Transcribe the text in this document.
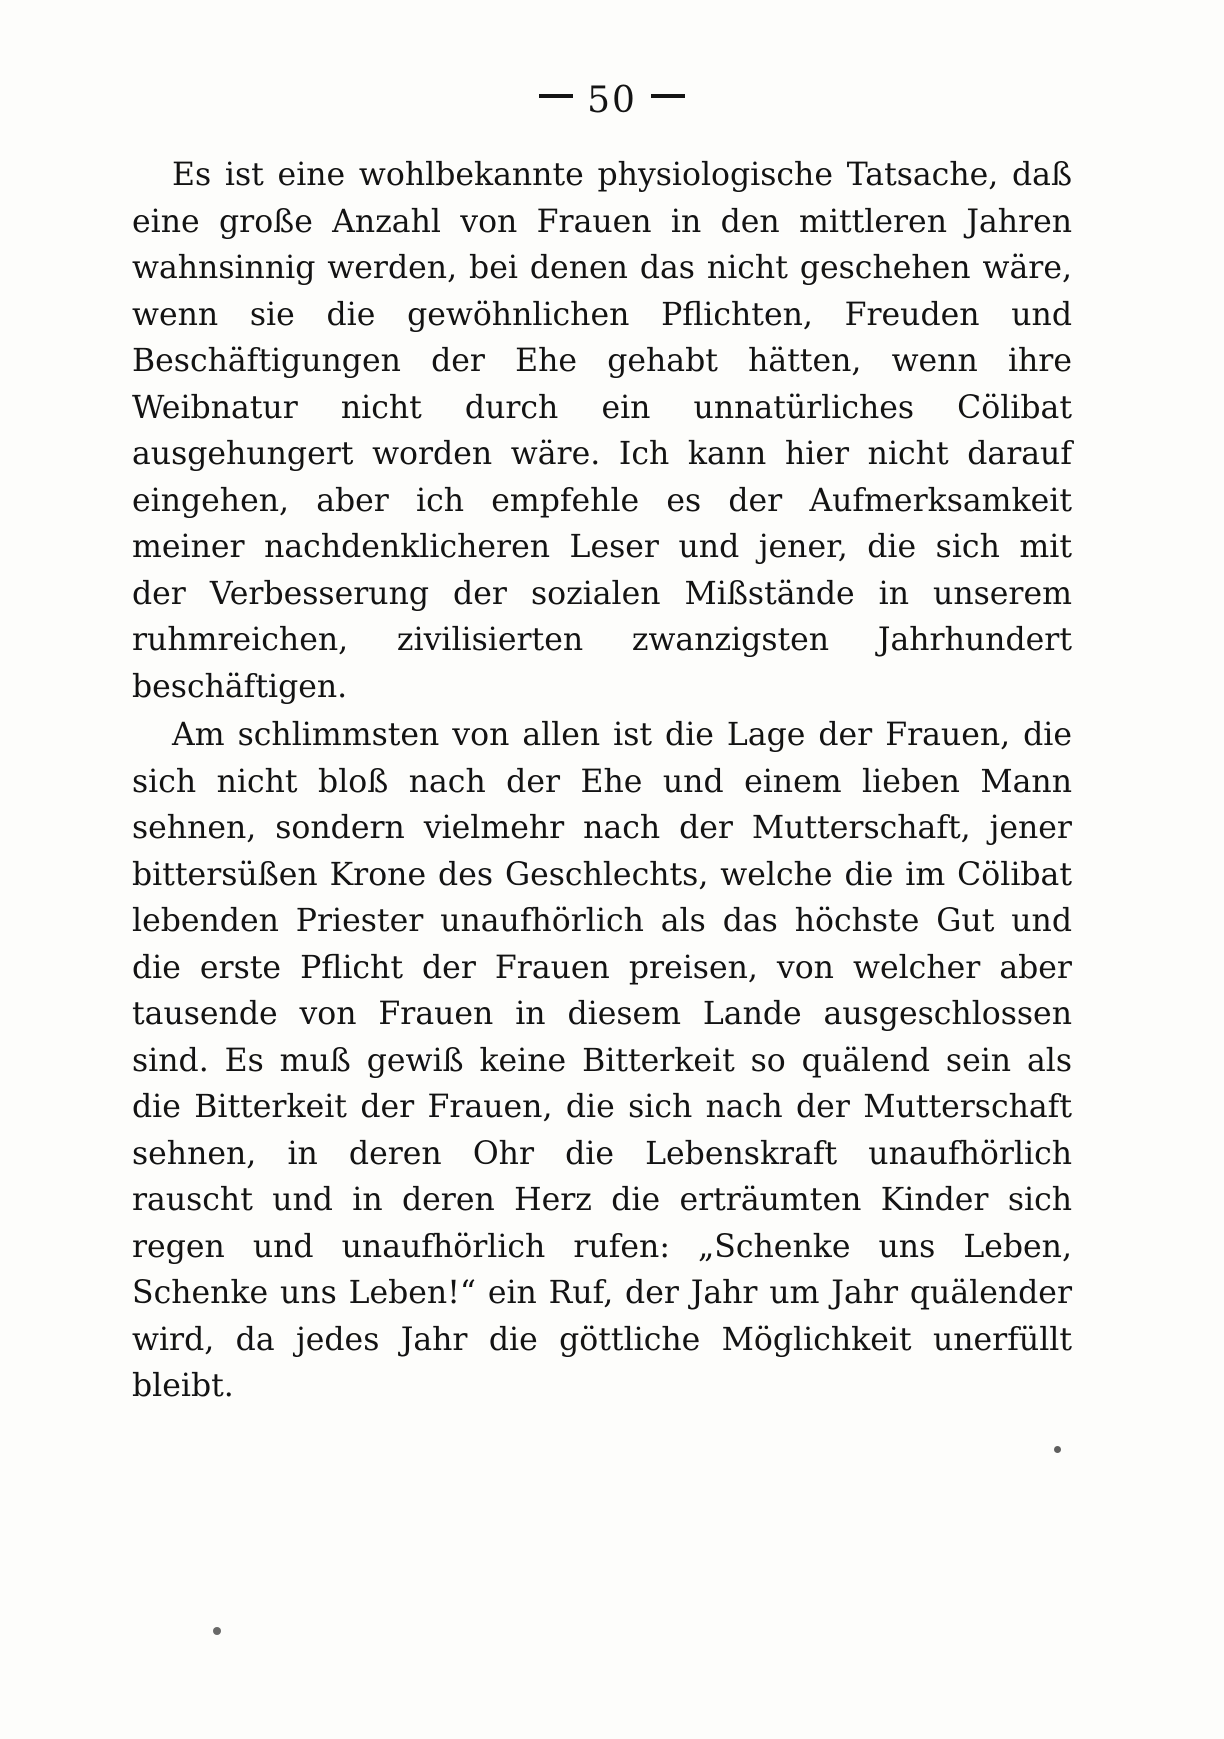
50

Es ist eine wohlbekannte physiologische Tatsache, daß eine große Anzahl von Frauen in den mittleren Jahren wahnsinnig werden, bei denen das nicht geschehen wäre, wenn sie die gewöhnlichen Pflichten, Freuden und Beschäftigungen der Ehe gehabt hätten, wenn ihre Weibnatur nicht durch ein unnatürliches Cölibat ausgehungert worden wäre. Ich kann hier nicht darauf eingehen, aber ich empfehle es der Aufmerksamkeit meiner nachdenklicheren Leser und jener, die sich mit der Verbesserung der sozialen Mißstände in unserem ruhmreichen, zivilisierten zwanzigsten Jahrhundert beschäftigen.

Am schlimmsten von allen ist die Lage der Frauen, die sich nicht bloß nach der Ehe und einem lieben Mann sehnen, sondern vielmehr nach der Mutterschaft, jener bittersüßen Krone des Geschlechts, welche die im Cölibat lebenden Priester unaufhörlich als das höchste Gut und die erste Pflicht der Frauen preisen, von welcher aber tausende von Frauen in diesem Lande ausgeschlossen sind. Es muß gewiß keine Bitterkeit so quälend sein als die Bitterkeit der Frauen, die sich nach der Mutterschaft sehnen, in deren Ohr die Lebenskraft unaufhörlich rauscht und in deren Herz die erträumten Kinder sich regen und unaufhörlich rufen: „Schenke uns Leben, Schenke uns Leben!“ ein Ruf, der Jahr um Jahr quälender wird, da jedes Jahr die göttliche Möglichkeit unerfüllt bleibt.
